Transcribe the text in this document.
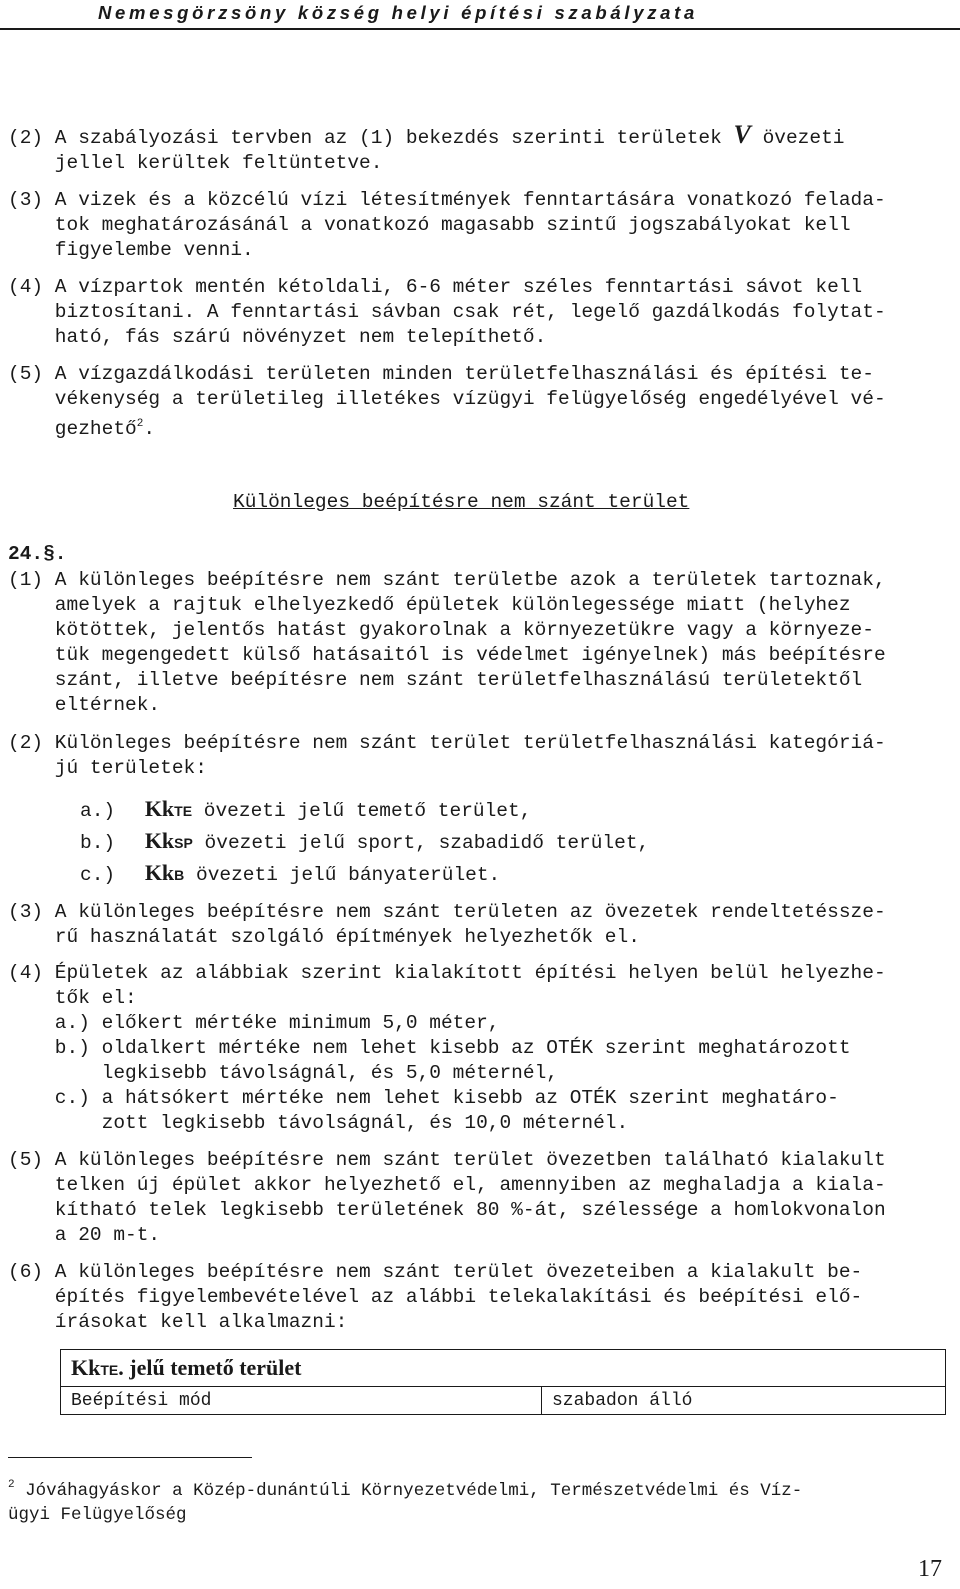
Nemesgörzsöny község helyi építési szabályzata
(2) A szabályozási tervben az (1) bekezdés szerinti területek V övezeti
jellel kerültek feltüntetve.
(3) A vizek és a közcélú vízi létesítmények fenntartására vonatkozó felada-
tok meghatározásánál a vonatkozó magasabb szintű jogszabályokat kell
figyelembe venni.
(4) A vízpartok mentén kétoldali, 6-6 méter széles fenntartási sávot kell
biztosítani. A fenntartási sávban csak rét, legelő gazdálkodás folytat-
ható, fás szárú növényzet nem telepíthető.
(5) A vízgazdálkodási területen minden területfelhasználási és építési te-
vékenység a területileg illetékes vízügyi felügyelőség engedélyével vé-
gezhető$^2$.
Különleges beépítésre nem szánt terület
24.§.
(1) A különleges beépítésre nem szánt területbe azok a területek tartoznak,
amelyek a rajtuk elhelyezkedő épületek különlegessége miatt (helyhez
kötöttek, jelentős hatást gyakorolnak a környezetükre vagy a környeze-
tük megengedett külső hatásaitól is védelmet igényelnek) más beépítésre
szánt, illetve beépítésre nem szánt területfelhasználású területektől
eltérnek.
(2) Különleges beépítésre nem szánt terület területfelhasználási kategóriá-
jú területek:
a.) KkTE övezeti jelű temető terület,
b.) KkSP övezeti jelű sport, szabadidő terület,
c.) KkB övezeti jelű bányaterület.
(3) A különleges beépítésre nem szánt területen az övezetek rendeltetéssze-
rű használatát szolgáló építmények helyezhetők el.
(4) Épületek az alábbiak szerint kialakított építési helyen belül helyezhe-
tők el:
a.) előkert mértéke minimum 5,0 méter,
b.) oldalkert mértéke nem lehet kisebb az OTÉK szerint meghatározott
legkisebb távolságnál, és 5,0 méternél,
c.) a hátsókert mértéke nem lehet kisebb az OTÉK szerint meghatáro-
zott legkisebb távolságnál, és 10,0 méternél.
(5) A különleges beépítésre nem szánt terület övezetben található kialakult
telken új épület akkor helyezhető el, amennyiben az meghaladja a kiala-
kítható telek legkisebb területének 80 %-át, szélessége a homlokvonalon
a 20 m-t.
(6) A különleges beépítésre nem szánt terület övezeteiben a kialakult be-
építés figyelembevételével az alábbi telekalakítási és beépítési elő-
írásokat kell alkalmazni:
KkTE. jelű temető terület
Beépítési mód	szabadon álló
$^2$ Jóváhagyáskor a Közép-dunántúli Környezetvédelmi, Természetvédelmi és Víz-
ügyi Felügyelőség
17
